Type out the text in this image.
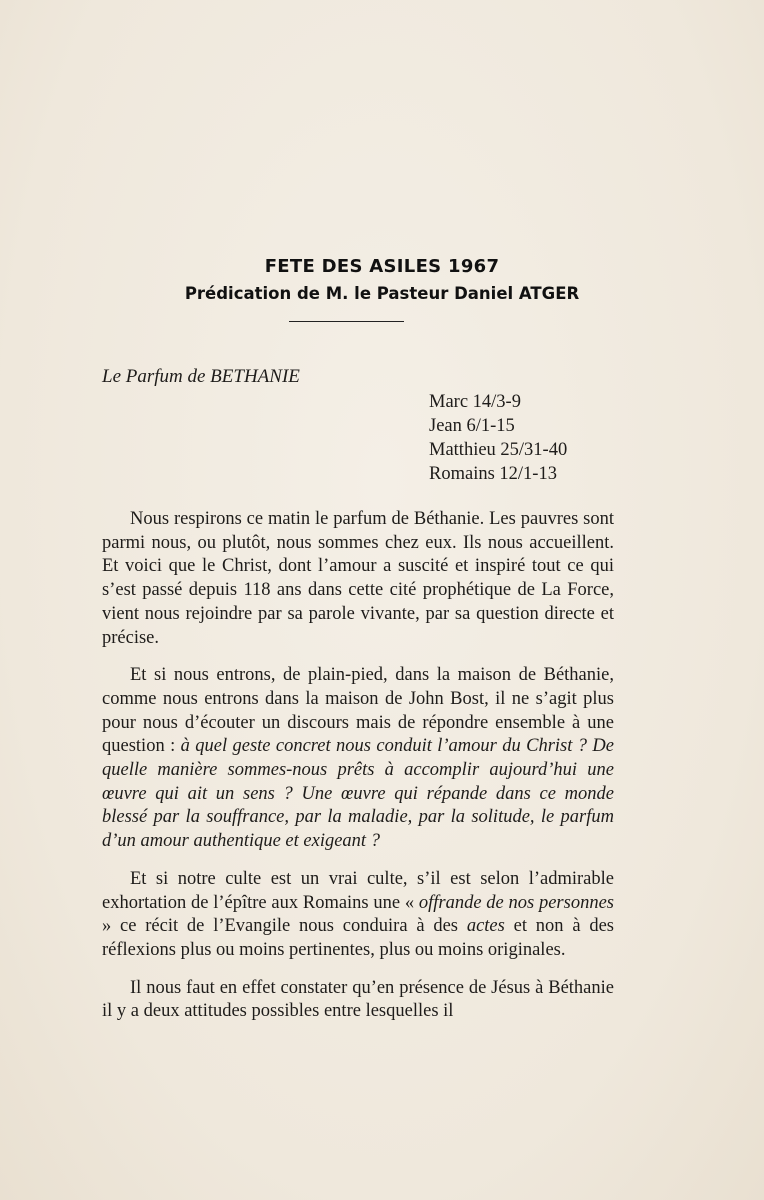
FETE DES ASILES 1967
Prédication de M. le Pasteur Daniel ATGER
Le Parfum de BETHANIE
Marc 14/3-9
Jean 6/1-15
Matthieu 25/31-40
Romains 12/1-13

Nous respirons ce matin le parfum de Béthanie. Les pauvres sont parmi nous, ou plutôt, nous sommes chez eux. Ils nous accueillent. Et voici que le Christ, dont l’amour a suscité et inspiré tout ce qui s’est passé depuis 118 ans dans cette cité prophétique de La Force, vient nous rejoindre par sa parole vivante, par sa question directe et précise.

Et si nous entrons, de plain-pied, dans la maison de Béthanie, comme nous entrons dans la maison de John Bost, il ne s’agit plus pour nous d’écouter un discours mais de répondre ensemble à une question : à quel geste concret nous conduit l’amour du Christ ? De quelle manière sommes-nous prêts à accomplir aujourd’hui une œuvre qui ait un sens ? Une œuvre qui répande dans ce monde blessé par la souffrance, par la maladie, par la solitude, le parfum d’un amour authentique et exigeant ?

Et si notre culte est un vrai culte, s’il est selon l’admirable exhortation de l’épître aux Romains une « offrande de nos personnes » ce récit de l’Evangile nous conduira à des actes et non à des réflexions plus ou moins pertinentes, plus ou moins originales.

Il nous faut en effet constater qu’en présence de Jésus à Béthanie il y a deux attitudes possibles entre lesquelles il
